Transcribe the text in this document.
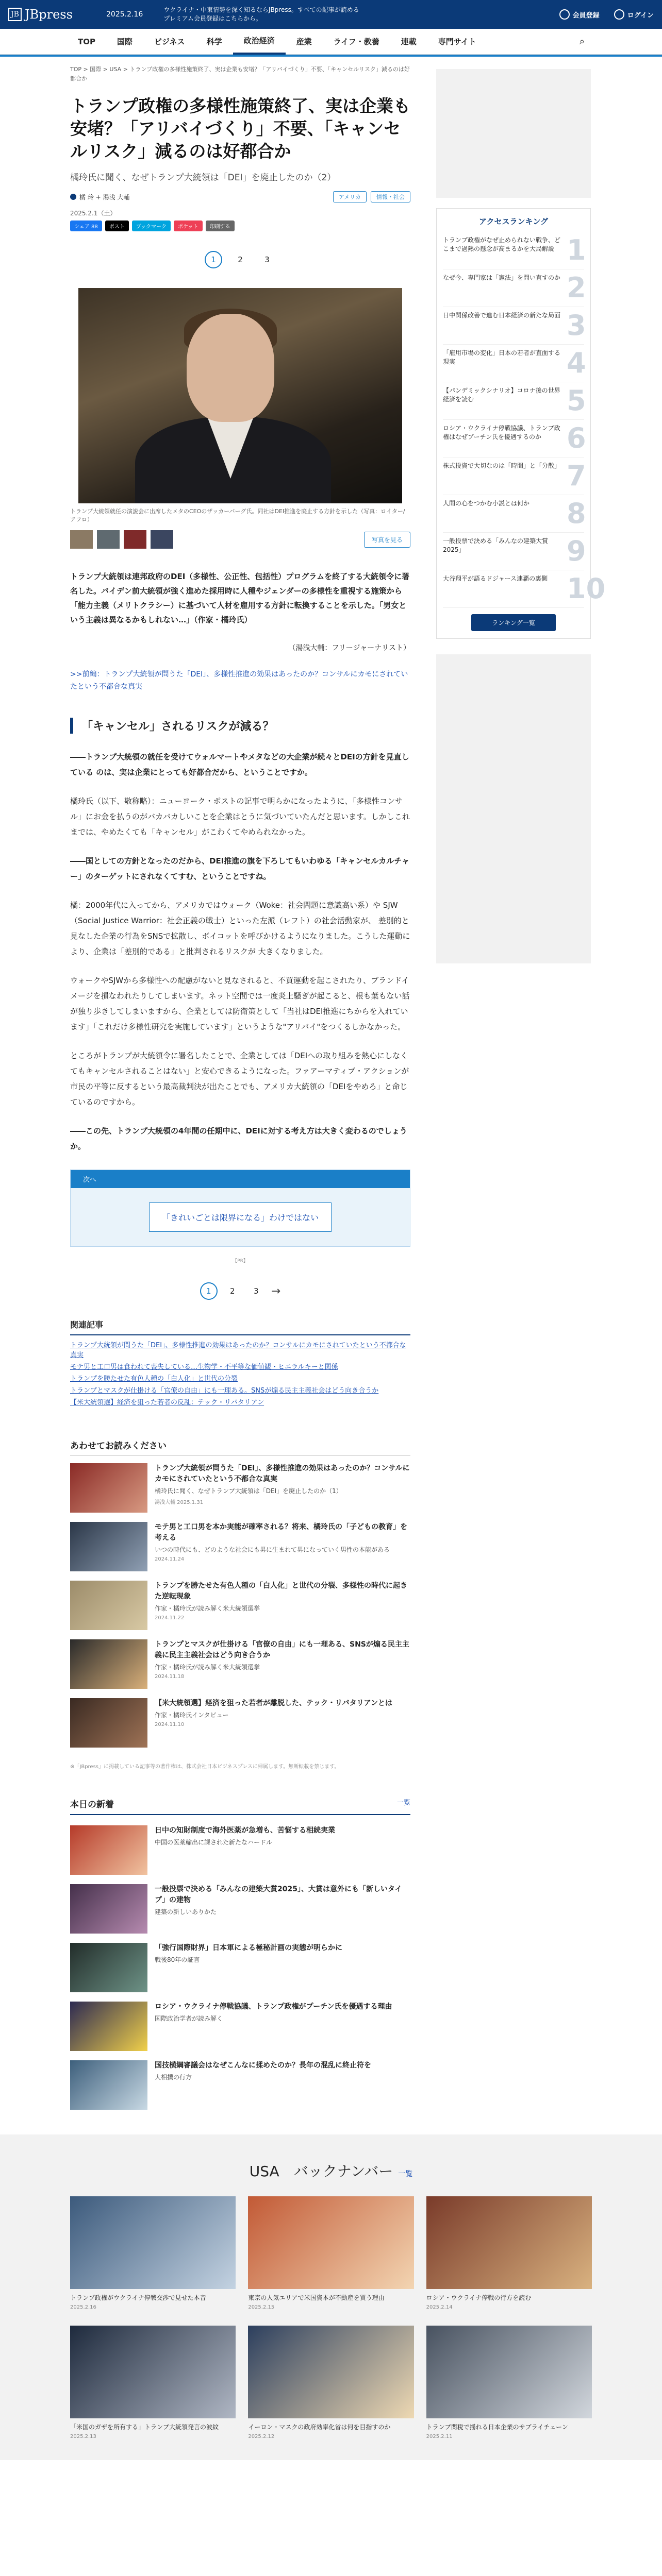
JB JBpress	2025.2.16
ウクライナ・中東情勢を深く知るならJBpress。すべての記事が読めるプレミアム会員登録はこちらから。	会員登録	ログイン
TOP	国際	ビジネス	科学	政治経済	産業	ライフ・教養	連載	専門サイト	⌕
TOP > 国際 > USA > トランプ政権の多様性施策終了、実は企業も安堵？「アリバイづくり」不要、「キャンセルリスク」減るのは好都合か
トランプ政権の多様性施策終了、実は企業も安堵？「アリバイづくり」不要、「キャンセルリスク」減るのは好都合か
橘玲氏に聞く、なぜトランプ大統領は「DEI」を廃止したのか（2）
橘 玲 + 湯浅 大輔	アメリカ	情報・社会
2025.2.1（土）
シェア 88	ポスト	ブックマーク	ポケット	印刷する
1	2	3
トランプ大統領就任の演説会に出席したメタのCEOのザッカーバーグ氏。同社はDEI推進を廃止する方針を示した（写真：ロイター/アフロ）
写真を見る

トランプ大統領は連邦政府のDEI（多様性、公正性、包括性）プログラムを終了する大統領令に署名した。バイデン前大統領が強く進めた採用時に人種やジェンダーの多様性を重視する施策から「能力主義（メリトクラシー）に基づいて人材を雇用する方針に転換することを示した。「男女という主義は異なるかもしれない…」（作家・橘玲氏）

（湯浅大輔：フリージャーナリスト）

>>前編：トランプ大統領が問うた「DEI」、多様性推進の効果はあったのか？コンサルにカモにされていたという不都合な真実

「キャンセル」されるリスクが減る？

――トランプ大統領の就任を受けてウォルマートやメタなどの大企業が続々とDEIの方針を見直している のは、実は企業にとっても好都合だから、ということですか。

橘玲氏（以下、敬称略）：ニューヨーク・ポストの記事で明らかになったように、「多様性コンサル」にお金を払うのがバカバカしいことを企業はとうに気づいていたんだと思います。しかしこれまでは、やめたくても「キャンセル」がこわくてやめられなかった。

――国としての方針となったのだから、DEI推進の旗を下ろしてもいわゆる「キャンセルカルチャー」のターゲットにされなくてすむ、ということですね。

橘：2000年代に入ってから、アメリカではウォーク（Woke：社会問題に意識高い系）や SJW（Social Justice Warrior：社会正義の戦士）といった左派（レフト）の社会活動家が、 差別的と見なした企業の行為をSNSで拡散し、ボイコットを呼びかけるようになりました。こうした運動により、企業は「差別的である」と批判されるリスクが 大きくなりました。

ウォークやSJWから多様性への配慮がないと見なされると、不買運動を起こされたり、ブランドイメージを損なわれたりしてしまいます。ネット空間では一度炎上騒ぎが起こると、根も葉もない話が独り歩きしてしまいますから、企業としては防衛策として「当社はDEI推進にちからを入れています」「これだけ多様性研究を実施しています」というような"アリバイ"をつくるしかなかった。

ところがトランプが大統領令に署名したことで、企業としては「DEIへの取り組みを熱心にしなくてもキャンセルされることはない」と安心できるようになった。ファアーマティブ・アクションが市民の平等に反するという最高裁判決が出たことでも、アメリカ大統領の「DEIをやめろ」と命じているのですから。

――この先、トランプ大統領の4年間の任期中に、DEIに対する考え方は大きく変わるのでしょうか。

次へ
「きれいごとは限界になる」わけではない
【PR】
1	2	3	→
関連記事
トランプ大統領が問うた「DEI」、多様性推進の効果はあったのか？コンサルにカモにされていたという不都合な真実
モテ男と工口男は食われて喪失している…生物学・不平等な価値観・ヒエラルキーと関係
トランプを勝たせた有色人種の「白人化」と世代の分裂
トランプとマスクが仕掛ける「官僚の自由」にも一理ある。SNSが煽る民主主義社会はどう向き合うか
【米大統領選】経済を狙った若者の反乱：テック・リバタリアン
あわせてお読みください
トランプ大統領が問うた「DEI」、多様性推進の効果はあったのか？コンサルにカモにされていたという不都合な真実
橘玲氏に聞く、なぜトランプ大統領は「DEI」を廃止したのか（1）
湯浅大輔 2025.1.31
モテ男と工口男を本か実能が確率される？将来、橘玲氏の「子どもの教育」を考える
いつの時代にも、どのような社会にも男に生まれて男になっていく男性の本能がある
2024.11.24
トランプを勝たせた有色人種の「白人化」と世代の分裂、多様性の時代に起きた逆転現象
作家・橘玲氏が読み解く米大統領選挙
2024.11.22
トランプとマスクが仕掛ける「官僚の自由」にも一理ある、SNSが煽る民主主義に民主主義社会はどう向き合うか
作家・橘玲氏が読み解く米大統領選挙
2024.11.18
【米大統領選】経済を狙った若者が離脱した、テック・リバタリアンとは
作家・橘玲氏インタビュー
2024.11.10

※「JBpress」に掲載している記事等の著作権は、株式会社日本ビジネスプレスに帰属します。無断転載を禁じます。

本日の新着	一覧
日中の知財制度で海外医薬が急増も、苦悩する相続実業
中国の医薬輸出に課された新たなハードル
一般投票で決める「みんなの建築大賞2025」、大賞は意外にも「新しいタイプ」の建物
建築の新しいありかた
「強行国際財界」日本軍による極秘計画の実態が明らかに
戦後80年の証言
ロシア・ウクライナ停戦協議、トランプ政権がプーチン氏を優遇する理由
国際政治学者が読み解く
国技横綱審議会はなぜこんなに揉めたのか？長年の混乱に終止符を
大相撲の行方
アクセスランキング
トランプ政権がなぜ止められない戦争、どこまで過熱の懸念が高まるかを大局解説 1
なぜ今、専門家は「憲法」を問い直すのか 2
日中関係改善で進む日本経済の新たな局面 3
「雇用市場の変化」日本の若者が直面する現実	4
【パンデミックシナリオ】コロナ後の世界経済を読む	5
ロシア・ウクライナ停戦協議、トランプ政権はなぜプーチン氏を優遇するのか 6
株式投資で大切なのは「時間」と「分散」 7
人間の心をつかむ小説とは何か	8
一般投票で決める「みんなの建築大賞2025」	9
大谷翔平が語るドジャース連覇の裏側 10
ランキング一覧
USA　バックナンバー 一覧
トランプ政権がウクライナ停戦交渉で見せた本音
2025.2.16
東京の人気エリアで米国資本が不動産を買う理由
2025.2.15
ロシア・ウクライナ停戦の行方を読む
2025.2.14
「米国のガザを所有する」トランプ大統領発言の波紋
2025.2.13
イーロン・マスクの政府効率化省は何を目指すのか
2025.2.12
トランプ関税で揺れる日本企業のサプライチェーン
2025.2.11
